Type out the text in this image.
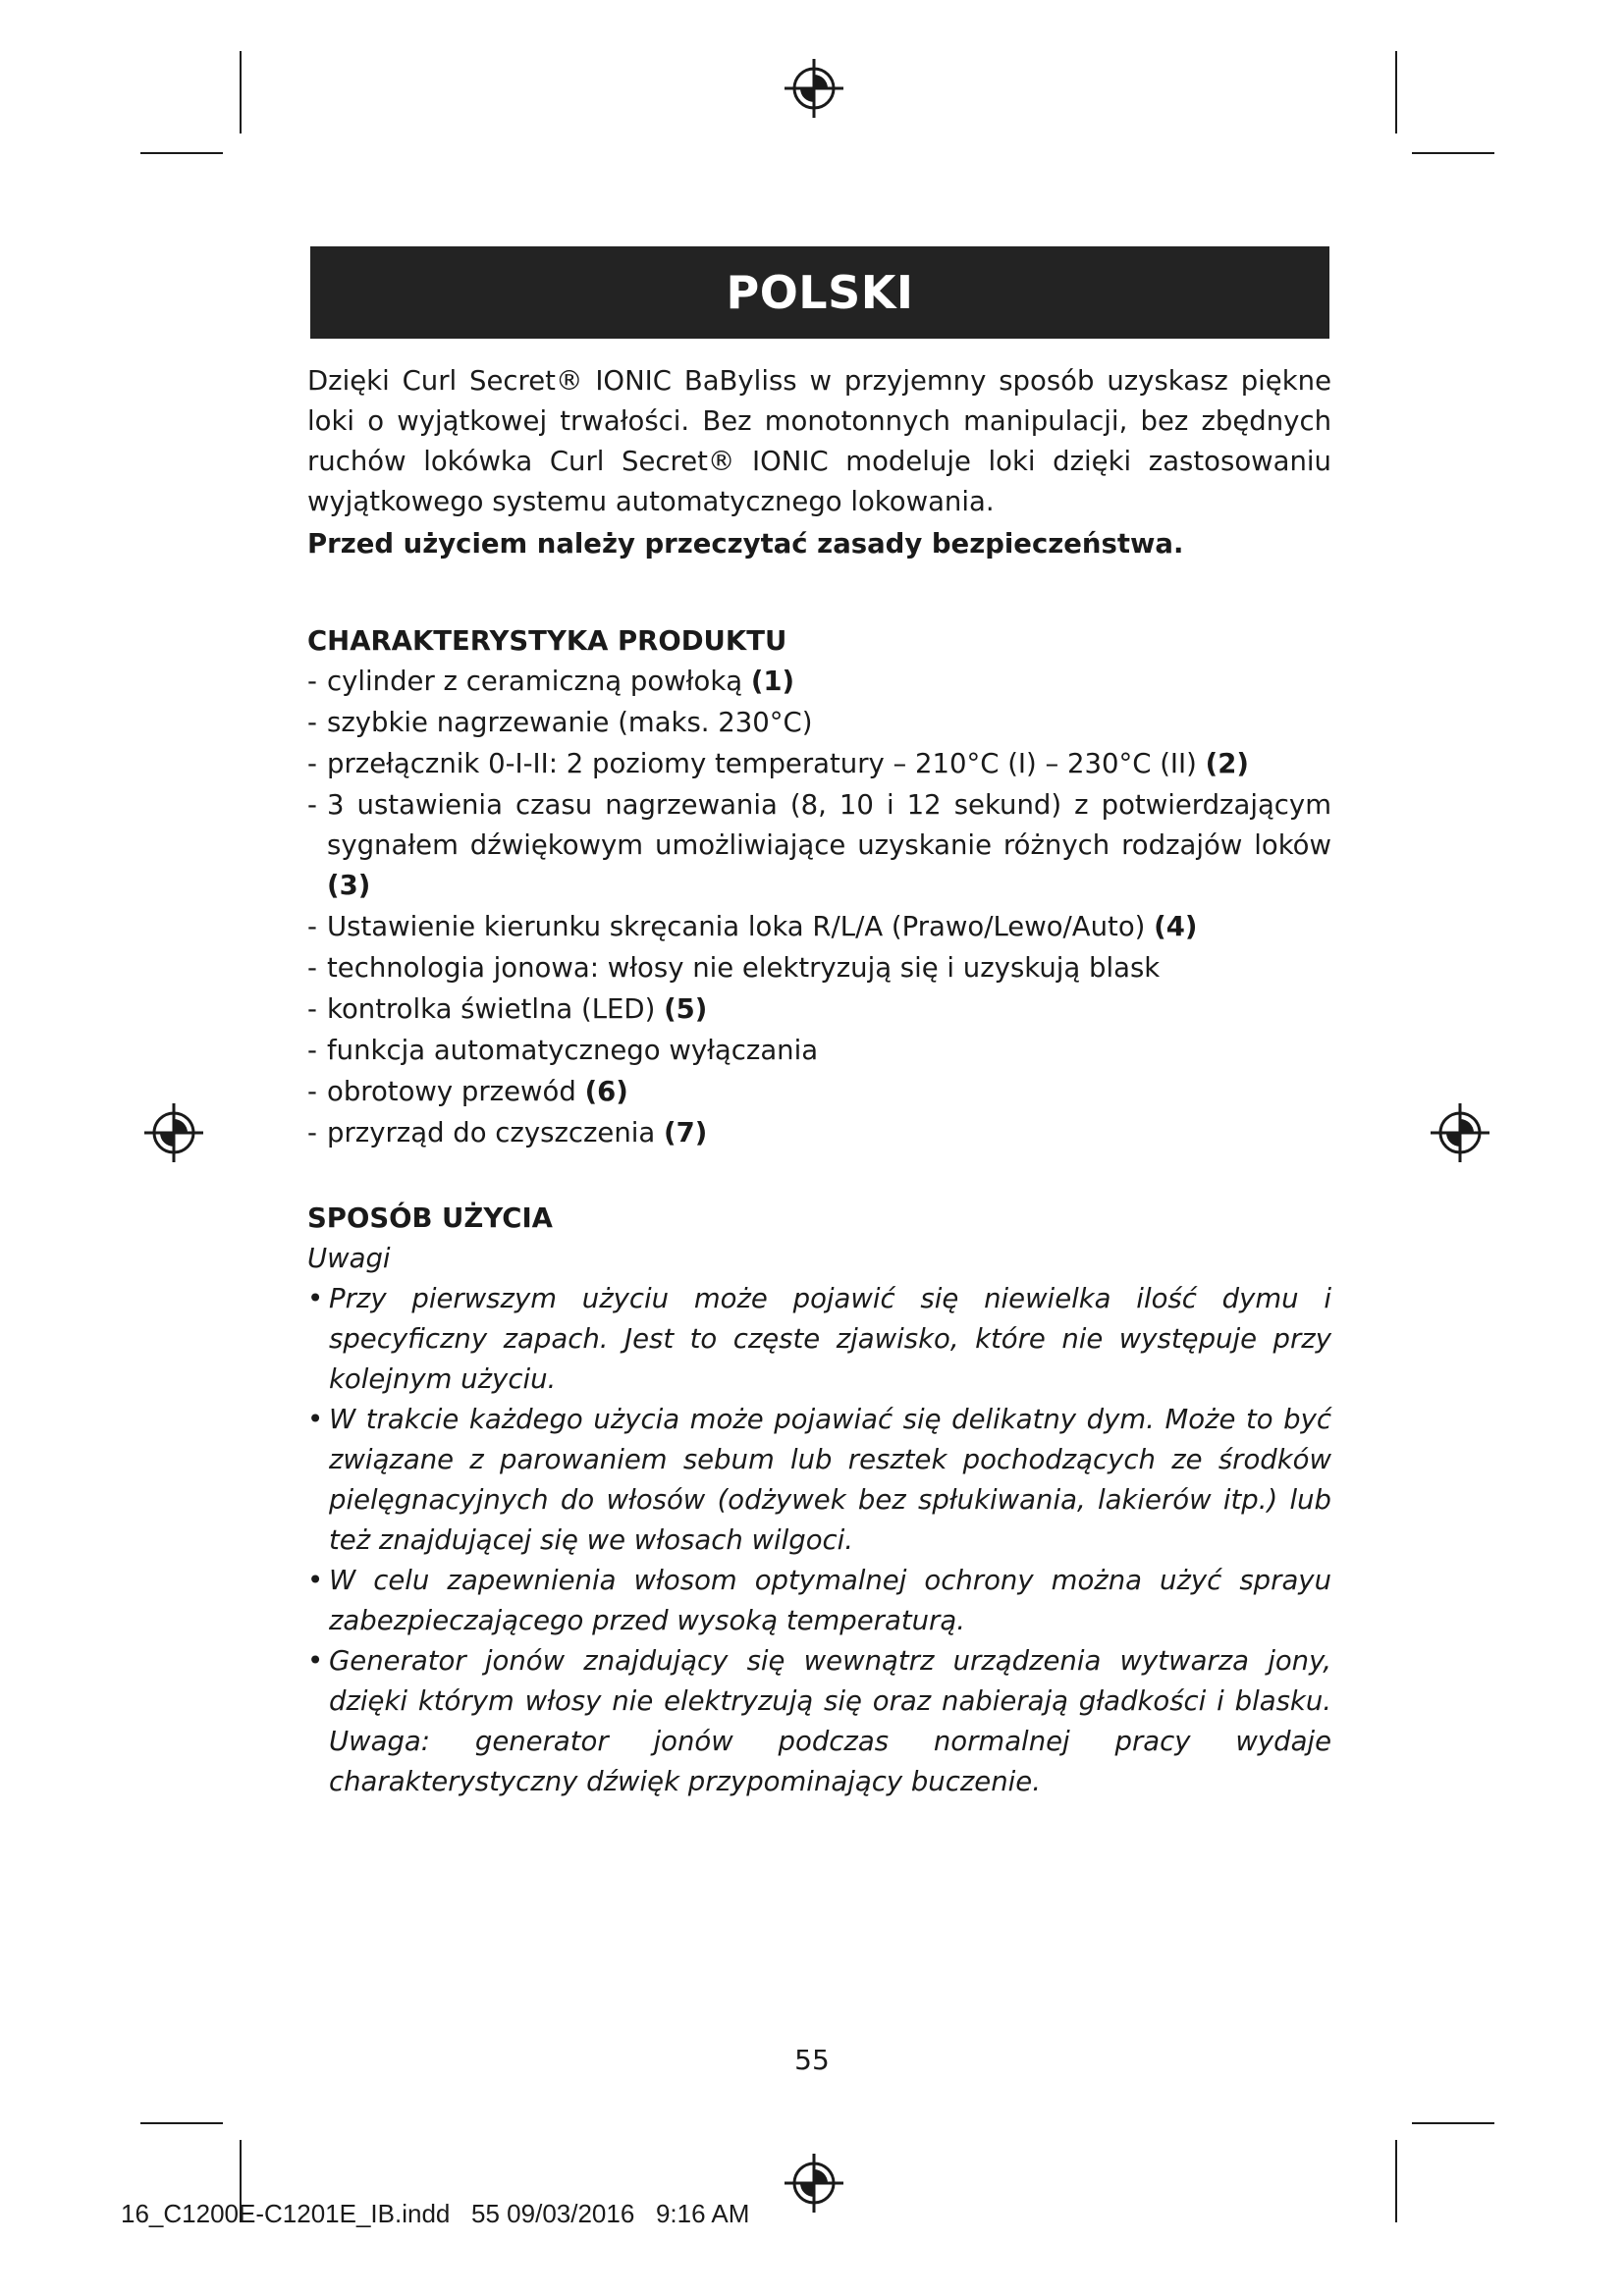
POLSKI

Dzięki Curl Secret® IONIC BaByliss w przyjemny sposób uzyskasz piękne loki o wyjątkowej trwałości. Bez monotonnych manipulacji, bez zbędnych ruchów lokówka Curl Secret® IONIC modeluje loki dzięki zastosowaniu wyjątkowego systemu automatycznego lokowania.

Przed użyciem należy przeczytać zasady bezpieczeństwa.

CHARAKTERYSTYKA PRODUKTU
- cylinder z ceramiczną powłoką (1)
- szybkie nagrzewanie (maks. 230°C)
- przełącznik 0-I-II: 2 poziomy temperatury – 210°C (I) – 230°C (II) (2)
- 3 ustawienia czasu nagrzewania (8, 10 i 12 sekund) z potwierdzającym sygnałem dźwiękowym umożliwiające uzyskanie różnych rodzajów loków (3)
- Ustawienie kierunku skręcania loka R/L/A (Prawo/Lewo/Auto) (4)
- technologia jonowa: włosy nie elektryzują się i uzyskują blask
- kontrolka świetlna (LED) (5)
- funkcja automatycznego wyłączania
- obrotowy przewód (6)
- przyrząd do czyszczenia (7)
SPOSÓB UŻYCIA

Uwagi

• Przy pierwszym użyciu może pojawić się niewielka ilość dymu i specyficzny zapach. Jest to częste zjawisko, które nie występuje przy kolejnym użyciu.
• W trakcie każdego użycia może pojawiać się delikatny dym. Może to być związane z parowaniem sebum lub resztek pochodzących ze środków pielęgnacyjnych do włosów (odżywek bez spłukiwania, lakierów itp.) lub też znajdującej się we włosach wilgoci.
• W celu zapewnienia włosom optymalnej ochrony można użyć sprayu zabezpieczającego przed wysoką temperaturą.
• Generator jonów znajdujący się wewnątrz urządzenia wytwarza jony, dzięki którym włosy nie elektryzują się oraz nabierają gładkości i blasku. Uwaga: generator jonów podczas normalnej pracy wydaje charakterystyczny dźwięk przypominający buczenie.
55
16_C1200E-C1201E_IB.indd   55 09/03/2016   9:16 AM
